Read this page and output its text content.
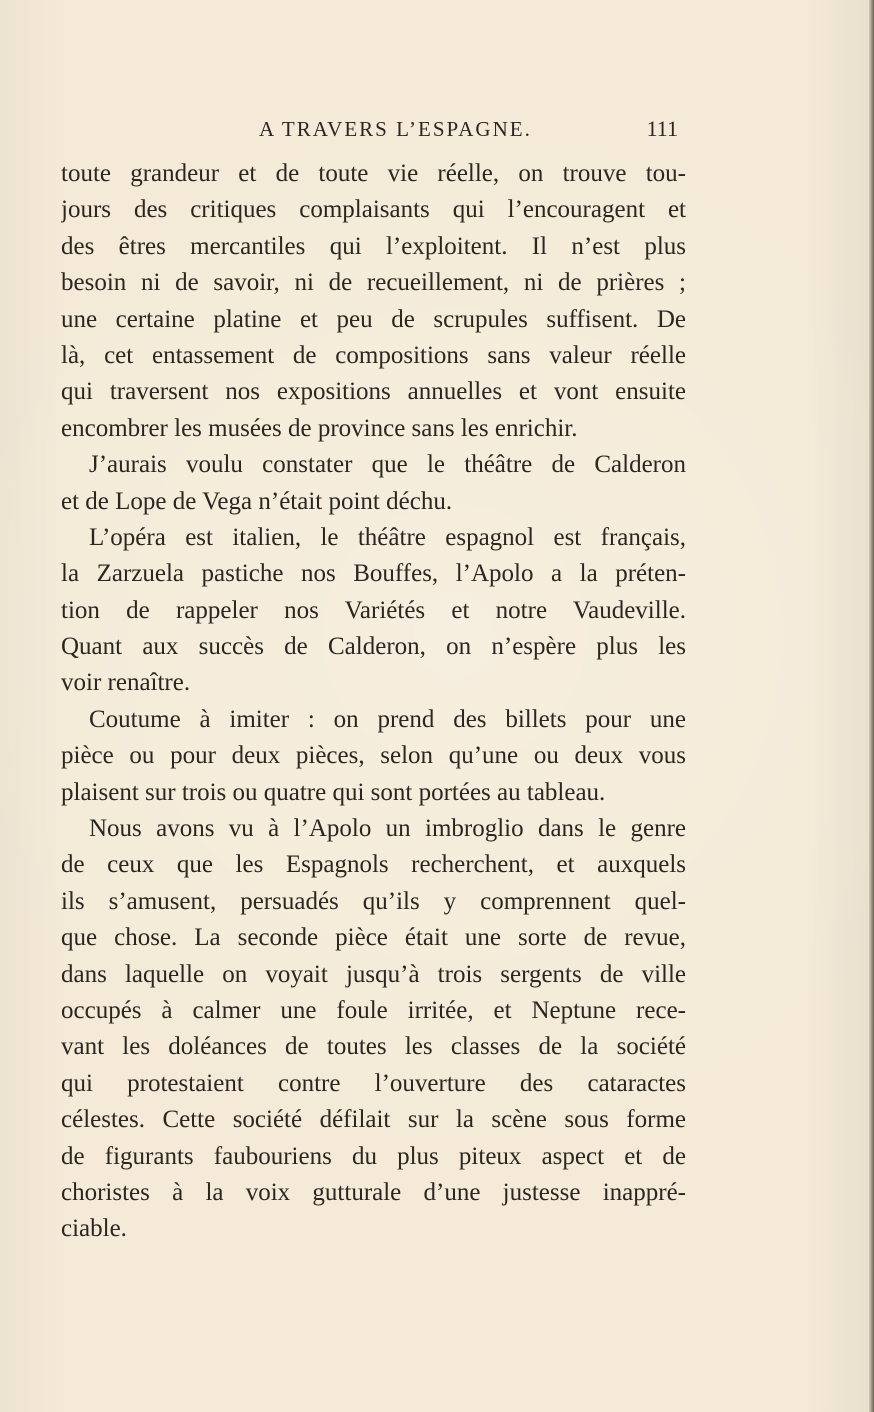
A TRAVERS L’ESPAGNE.	111
toute grandeur et de toute vie réelle, on trouve tou-
jours des critiques complaisants qui l’encouragent et
des êtres mercantiles qui l’exploitent. Il n’est plus
besoin ni de savoir, ni de recueillement, ni de prières ;
une certaine platine et peu de scrupules suffisent. De
là, cet entassement de compositions sans valeur réelle
qui traversent nos expositions annuelles et vont ensuite
encombrer les musées de province sans les enrichir.
J’aurais voulu constater que le théâtre de Calderon
et de Lope de Vega n’était point déchu.
L’opéra est italien, le théâtre espagnol est français,
la Zarzuela pastiche nos Bouffes, l’Apolo a la préten-
tion de rappeler nos Variétés et notre Vaudeville.
Quant aux succès de Calderon, on n’espère plus les
voir renaître.
Coutume à imiter : on prend des billets pour une
pièce ou pour deux pièces, selon qu’une ou deux vous
plaisent sur trois ou quatre qui sont portées au tableau.
Nous avons vu à l’Apolo un imbroglio dans le genre
de ceux que les Espagnols recherchent, et auxquels
ils s’amusent, persuadés qu’ils y comprennent quel-
que chose. La seconde pièce était une sorte de revue,
dans laquelle on voyait jusqu’à trois sergents de ville
occupés à calmer une foule irritée, et Neptune rece-
vant les doléances de toutes les classes de la société
qui protestaient contre l’ouverture des cataractes
célestes. Cette société défilait sur la scène sous forme
de figurants faubouriens du plus piteux aspect et de
choristes à la voix gutturale d’une justesse inappré-
ciable.
